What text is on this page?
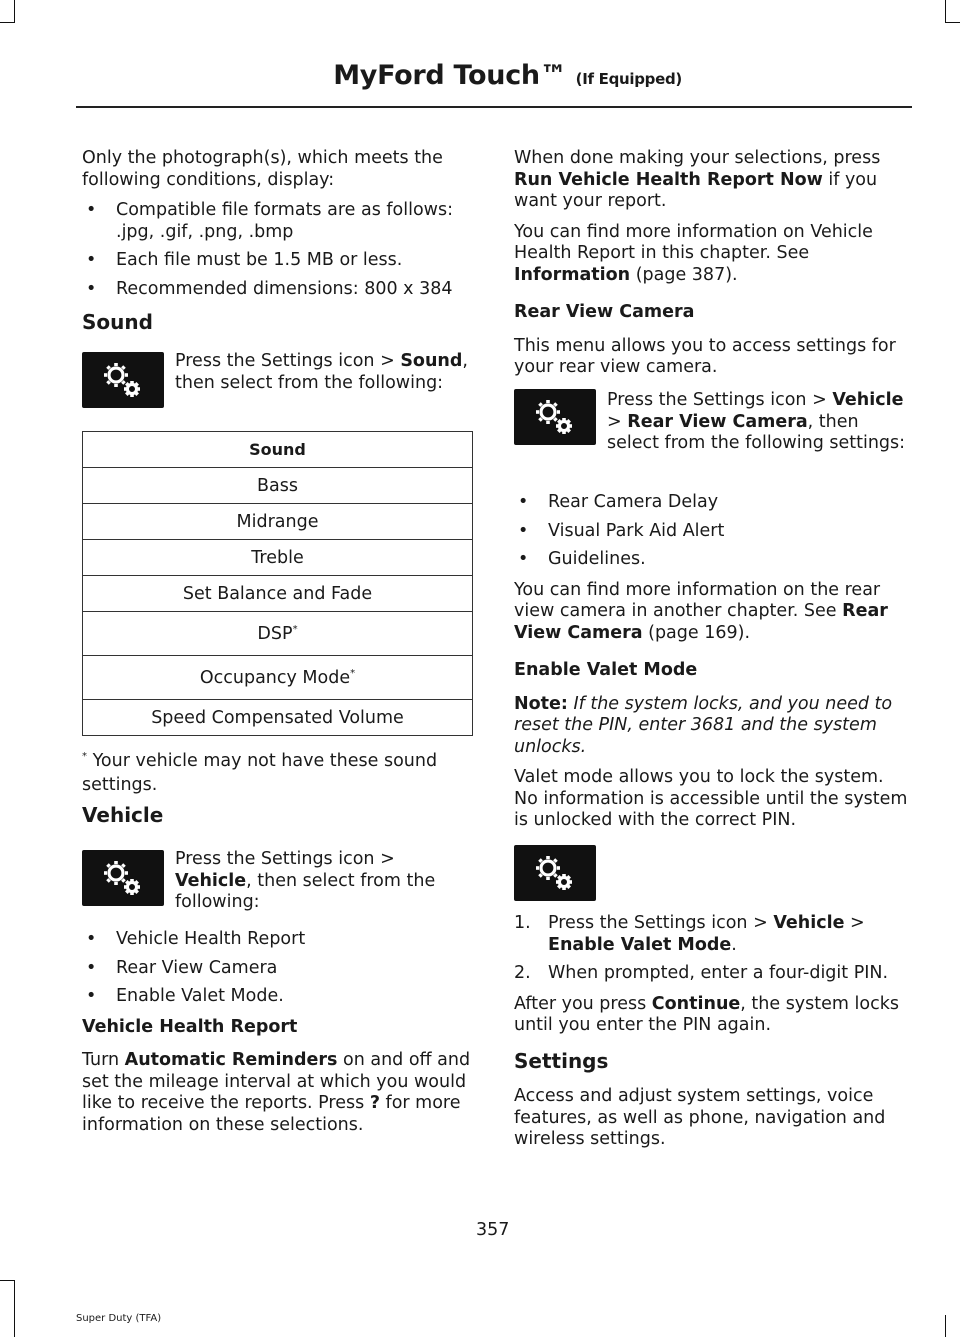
MyFord Touch™ (If Equipped)

Only the photograph(s), which meets the following conditions, display:

• Compatible file formats are as follows: .jpg, .gif, .png, .bmp
• Each file must be 1.5 MB or less.
• Recommended dimensions: 800 x 384
Sound
Press the Settings icon > Sound, then select from the following:
Sound
Bass
Midrange
Treble
Set Balance and Fade
DSP*
Occupancy Mode*
Speed Compensated Volume
* Your vehicle may not have these sound settings.
Vehicle
Press the Settings icon > Vehicle, then select from the following:
• Vehicle Health Report
• Rear View Camera
• Enable Valet Mode.
Vehicle Health Report

Turn Automatic Reminders on and off and set the mileage interval at which you would like to receive the reports. Press ? for more information on these selections.

When done making your selections, press Run Vehicle Health Report Now if you want your report.

You can find more information on Vehicle Health Report in this chapter. See Information (page 387).

Rear View Camera

This menu allows you to access settings for your rear view camera.

Press the Settings icon > Vehicle > Rear View Camera, then select from the following settings:
• Rear Camera Delay
• Visual Park Aid Alert
• Guidelines.

You can find more information on the rear view camera in another chapter. See Rear View Camera (page 169).

Enable Valet Mode

Note: If the system locks, and you need to reset the PIN, enter 3681 and the system unlocks.

Valet mode allows you to lock the system. No information is accessible until the system is unlocked with the correct PIN.

1. Press the Settings icon > Vehicle > Enable Valet Mode.
2. When prompted, enter a four-digit PIN.

After you press Continue, the system locks until you enter the PIN again.

Settings

Access and adjust system settings, voice features, as well as phone, navigation and wireless settings.

357
Super Duty (TFA)
